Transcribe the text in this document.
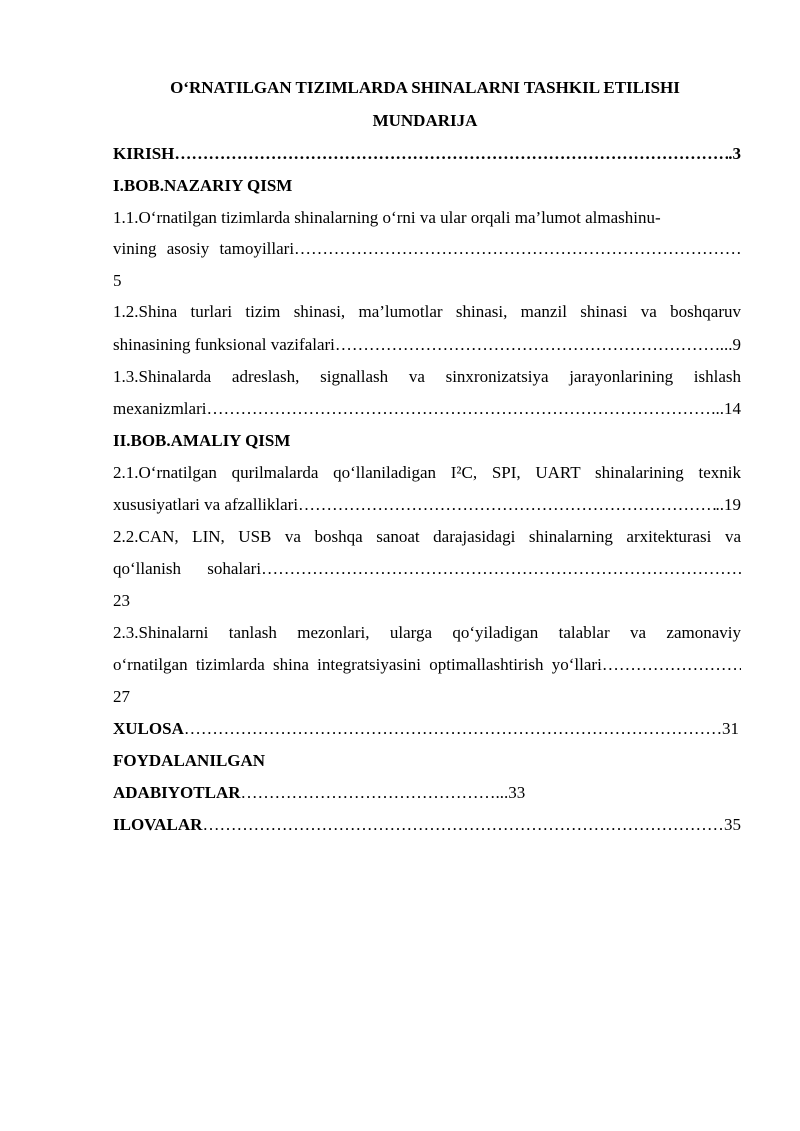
O‘RNATILGAN TIZIMLARDA SHINALARNI TASHKIL ETILISHI
MUNDARIJA
KIRISH …………………………………………………………………………………………………………………………………………………………………………………………………………………………	.3
I.BOB.NAZARIY QISM
1.1.O‘rnatilgan tizimlarda shinalarning o‘rni va ular orqali ma’lumot almashinu-
vining asosiy tamoyillari
…………………………………………………………………………………………………………………………………………………………………………………………………………………………
5
1.2.Shina turlari tizim shinasi, ma’lumotlar shinasi, manzil shinasi va boshqaruv
shinasining funksional vazifalari …………………………………………………………………………………………………………………………………………………………………………………………………………………………	...9
1.3.Shinalarda adreslash, signallash va sinxronizatsiya jarayonlarining ishlash
mexanizmlari …………………………………………………………………………………………………………………………………………………………………………………………………………………………	...14
II.BOB.AMALIY QISM
2.1.O‘rnatilgan qurilmalarda qo‘llaniladigan I²C, SPI, UART shinalarining texnik
xususiyatlari va afzalliklari …………………………………………………………………………………………………………………………………………………………………………………………………………………………	..19
2.2.CAN, LIN, USB va boshqa sanoat darajasidagi shinalarning arxitekturasi va
qo‘llanish sohalari
…………………………………………………………………………………………………………………………………………………………………………………………………………………………
23
2.3.Shinalarni tanlash mezonlari, ularga qo‘yiladigan talablar va zamonaviy
o‘rnatilgan tizimlarda shina integratsiyasini optimallashtirish yo‘llari
…………………………………………………………………………………………………………………………………………………………………………………………………………………………
27
XULOSA …………………………………………………………………………………………………………………………………………………………………………………………………………………………	31
FOYDALANILGAN
ADABIYOTLAR ………………………………………... 33
ILOVALAR …………………………………………………………………………………………………………………………………………………………………………………………………………………………	35
